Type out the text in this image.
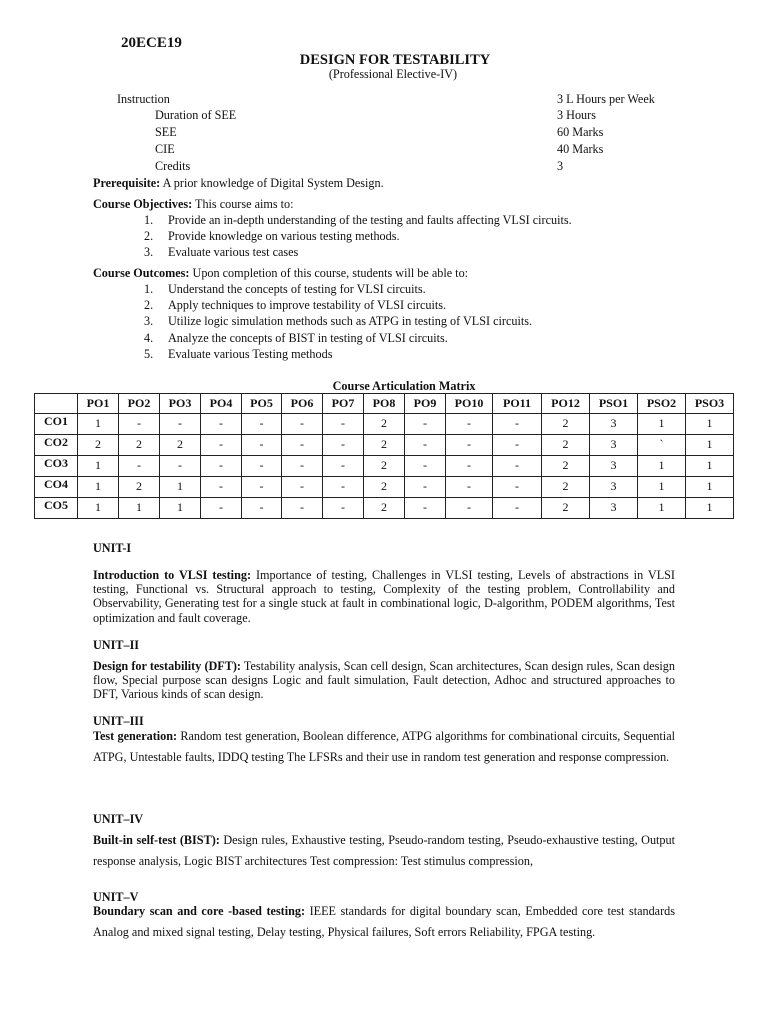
20ECE19
DESIGN FOR TESTABILITY
(Professional Elective-IV)
Instruction	3 L Hours per Week
Duration of SEE	3 Hours
SEE	60 Marks
CIE	40 Marks
Credits	3
Prerequisite: A prior knowledge of Digital System Design.
Course Objectives: This course aims to:
1.	Provide an in-depth understanding of the testing and faults affecting VLSI circuits.
2.	Provide knowledge on various testing methods.
3.	Evaluate various test cases
Course Outcomes: Upon completion of this course, students will be able to:
1.	Understand the concepts of testing for VLSI circuits.
2.	Apply techniques to improve testability of VLSI circuits.
3.	Utilize logic simulation methods such as ATPG in testing of VLSI circuits.
4.	Analyze the concepts of BIST in testing of VLSI circuits.
5.	Evaluate various Testing methods
Course Articulation Matrix
	PO1	PO2	PO3	PO4	PO5	PO6	PO7	PO8	PO9	PO10	PO11	PO12	PSO1	PSO2	PSO3
CO1	1	-	-	-	-	-	-	2	-	-	-	2	3	1	1
CO2	2	2	2	-	-	-	-	2	-	-	-	2	3	`	1
CO3	1	-	-	-	-	-	-	2	-	-	-	2	3	1	1
CO4	1	2	1	-	-	-	-	2	-	-	-	2	3	1	1
CO5	1	1	1	-	-	-	-	2	-	-	-	2	3	1	1
UNIT-I
Introduction to VLSI testing: Importance of testing, Challenges in VLSI testing, Levels of abstractions in VLSI testing, Functional vs. Structural approach to testing, Complexity of the testing problem, Controllability and Observability, Generating test for a single stuck at fault in combinational logic, D-algorithm, PODEM algorithms, Test optimization and fault coverage.
UNIT–II
Design for testability (DFT): Testability analysis, Scan cell design, Scan architectures, Scan design rules, Scan design flow, Special purpose scan designs Logic and fault simulation, Fault detection, Adhoc and structured approaches to DFT, Various kinds of scan design.
UNIT–III
Test generation: Random test generation, Boolean difference, ATPG algorithms for combinational circuits, Sequential ATPG, Untestable faults, IDDQ testing The LFSRs and their use in random test generation and response compression.
UNIT–IV
Built-in self-test (BIST): Design rules, Exhaustive testing, Pseudo-random testing, Pseudo-exhaustive testing, Output response analysis, Logic BIST architectures Test compression: Test stimulus compression,
UNIT–V
Boundary scan and core -based testing: IEEE standards for digital boundary scan, Embedded core test standards Analog and mixed signal testing, Delay testing, Physical failures, Soft errors Reliability, FPGA testing.
